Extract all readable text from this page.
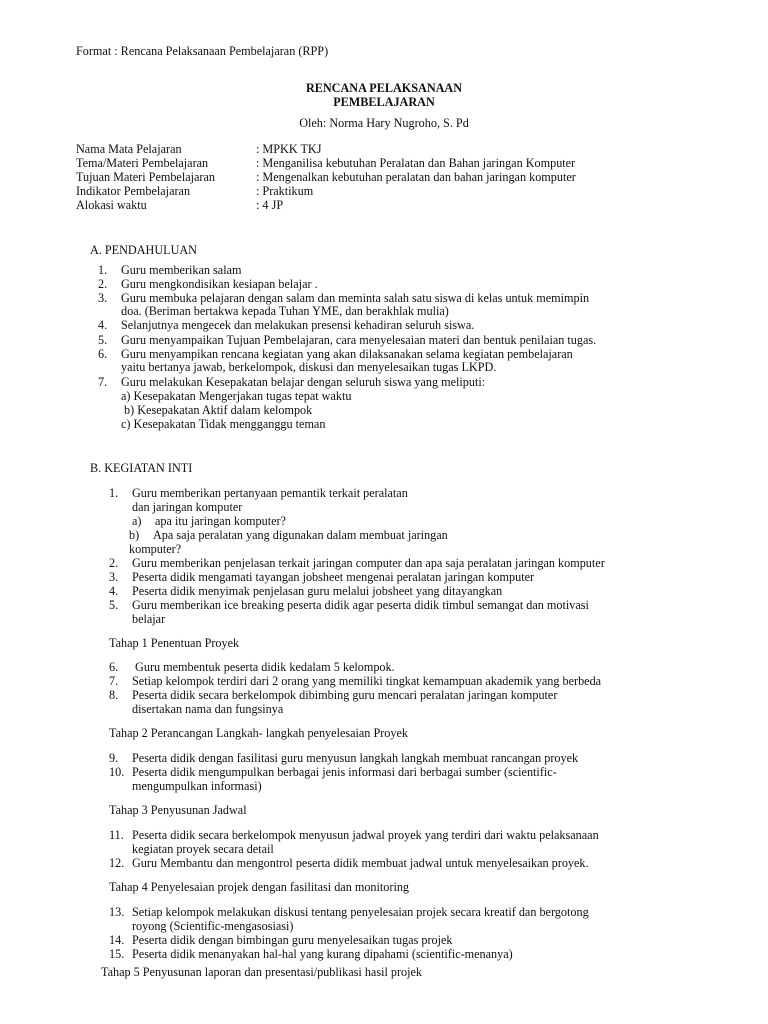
Format : Rencana Pelaksanaan Pembelajaran (RPP)
RENCANA PELAKSANAAN
PEMBELAJARAN
Oleh: Norma Hary Nugroho, S. Pd
Nama Mata Pelajaran	: MPKK TKJ
Tema/Materi Pembelajaran	: Menganilisa kebutuhan Peralatan dan Bahan jaringan Komputer
Tujuan Materi Pembelajaran	: Mengenalkan kebutuhan peralatan dan bahan jaringan komputer
Indikator Pembelajaran	: Praktikum
Alokasi waktu	: 4 JP
A. PENDAHULUAN
1. Guru memberikan salam
2. Guru mengkondisikan kesiapan belajar .
3. Guru membuka pelajaran dengan salam dan meminta salah satu siswa di kelas untuk memimpin
doa. (Beriman bertakwa kepada Tuhan YME, dan berakhlak mulia)
4. Selanjutnya mengecek dan melakukan presensi kehadiran seluruh siswa.
5. Guru menyampaikan Tujuan Pembelajaran, cara menyelesaian materi dan bentuk penilaian tugas.
6. Guru menyampikan rencana kegiatan yang akan dilaksanakan selama kegiatan pembelajaran
yaitu bertanya jawab, berkelompok, diskusi dan menyelesaikan tugas LKPD.
7. Guru melakukan Kesepakatan belajar dengan seluruh siswa yang meliputi:
a) Kesepakatan Mengerjakan tugas tepat waktu
b) Kesepakatan Aktif dalam kelompok
c) Kesepakatan Tidak mengganggu teman
B. KEGIATAN INTI
1. Guru memberikan pertanyaan pemantik terkait peralatan
dan jaringan komputer
a) apa itu jaringan komputer?
b) Apa saja peralatan yang digunakan dalam membuat jaringan
komputer?
2. Guru memberikan penjelasan terkait jaringan computer dan apa saja peralatan jaringan komputer
3. Peserta didik mengamati tayangan jobsheet mengenai peralatan jaringan komputer
4. Peserta didik menyimak penjelasan guru melalui jobsheet yang ditayangkan
5. Guru memberikan ice breaking peserta didik agar peserta didik timbul semangat dan motivasi
belajar
Tahap 1 Penentuan Proyek
6. Guru membentuk peserta didik kedalam 5 kelompok.
7. Setiap kelompok terdiri dari 2 orang yang memiliki tingkat kemampuan akademik yang berbeda
8. Peserta didik secara berkelompok dibimbing guru mencari peralatan jaringan komputer
disertakan nama dan fungsinya
Tahap 2 Perancangan Langkah- langkah penyelesaian Proyek
9. Peserta didik dengan fasilitasi guru menyusun langkah langkah membuat rancangan proyek
10. Peserta didik mengumpulkan berbagai jenis informasi dari berbagai sumber (scientific-
mengumpulkan informasi)
Tahap 3 Penyusunan Jadwal
11. Peserta didik secara berkelompok menyusun jadwal proyek yang terdiri dari waktu pelaksanaan
kegiatan proyek secara detail
12. Guru Membantu dan mengontrol peserta didik membuat jadwal untuk menyelesaikan proyek.
Tahap 4 Penyelesaian projek dengan fasilitasi dan monitoring
13. Setiap kelompok melakukan diskusi tentang penyelesaian projek secara kreatif dan bergotong
royong (Scientific-mengasosiasi)
14. Peserta didik dengan bimbingan guru menyelesaikan tugas projek
15. Peserta didik menanyakan hal-hal yang kurang dipahami (scientific-menanya)
Tahap 5 Penyusunan laporan dan presentasi/publikasi hasil projek
